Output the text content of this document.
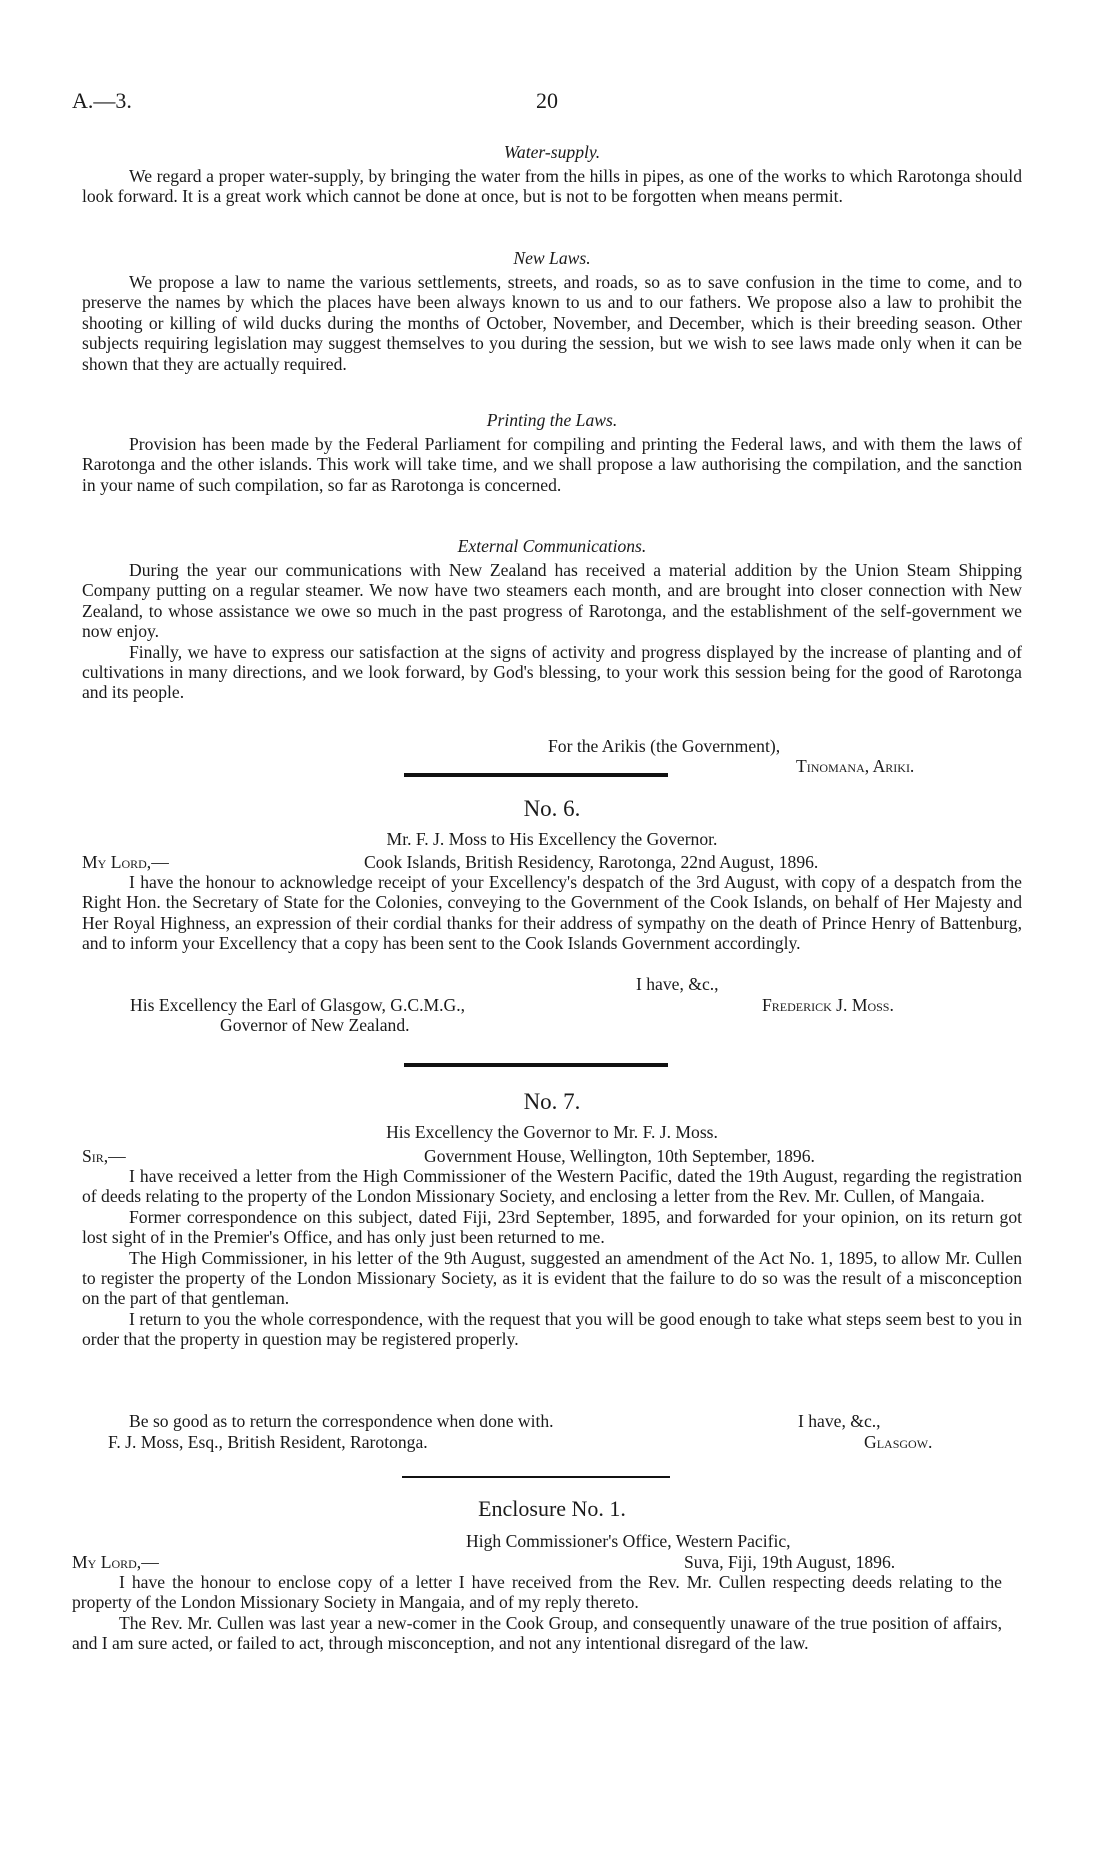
A.—3.	20
Water-supply.

We regard a proper water-supply, by bringing the water from the hills in pipes, as one of the works to which Rarotonga should look forward. It is a great work which cannot be done at once, but is not to be forgotten when means permit.

New Laws.

We propose a law to name the various settlements, streets, and roads, so as to save confusion in the time to come, and to preserve the names by which the places have been always known to us and to our fathers. We propose also a law to prohibit the shooting or killing of wild ducks during the months of October, November, and December, which is their breeding season. Other subjects requiring legislation may suggest themselves to you during the session, but we wish to see laws made only when it can be shown that they are actually required.

Printing the Laws.

Provision has been made by the Federal Parliament for compiling and printing the Federal laws, and with them the laws of Rarotonga and the other islands. This work will take time, and we shall propose a law authorising the compilation, and the sanction in your name of such compilation, so far as Rarotonga is concerned.

External Communications.

During the year our communications with New Zealand has received a material addition by the Union Steam Shipping Company putting on a regular steamer. We now have two steamers each month, and are brought into closer connection with New Zealand, to whose assistance we owe so much in the past progress of Rarotonga, and the establishment of the self-government we now enjoy.

Finally, we have to express our satisfaction at the signs of activity and progress displayed by the increase of planting and of cultivations in many directions, and we look forward, by God's blessing, to your work this session being for the good of Rarotonga and its people.

For the Arikis (the Government),
Tinomana, Ariki.
No. 6.
Mr. F. J. Moss to His Excellency the Governor.
My Lord,—	Cook Islands, British Residency, Rarotonga, 22nd August, 1896.

I have the honour to acknowledge receipt of your Excellency's despatch of the 3rd August, with copy of a despatch from the Right Hon. the Secretary of State for the Colonies, conveying to the Government of the Cook Islands, on behalf of Her Majesty and Her Royal Highness, an expression of their cordial thanks for their address of sympathy on the death of Prince Henry of Battenburg, and to inform your Excellency that a copy has been sent to the Cook Islands Government accordingly.

I have, &c.,
His Excellency the Earl of Glasgow, G.C.M.G.,	Frederick J. Moss.
Governor of New Zealand.
No. 7.
His Excellency the Governor to Mr. F. J. Moss.
Sir,—	Government House, Wellington, 10th September, 1896.

I have received a letter from the High Commissioner of the Western Pacific, dated the 19th August, regarding the registration of deeds relating to the property of the London Missionary Society, and enclosing a letter from the Rev. Mr. Cullen, of Mangaia.

Former correspondence on this subject, dated Fiji, 23rd September, 1895, and forwarded for your opinion, on its return got lost sight of in the Premier's Office, and has only just been returned to me.

The High Commissioner, in his letter of the 9th August, suggested an amendment of the Act No. 1, 1895, to allow Mr. Cullen to register the property of the London Missionary Society, as it is evident that the failure to do so was the result of a misconception on the part of that gentleman.

I return to you the whole correspondence, with the request that you will be good enough to take what steps seem best to you in order that the property in question may be registered properly.

Be so good as to return the correspondence when done with.	I have, &c.,
F. J. Moss, Esq., British Resident, Rarotonga.	Glasgow.
Enclosure No. 1.
High Commissioner's Office, Western Pacific,
My Lord,—	Suva, Fiji, 19th August, 1896.

I have the honour to enclose copy of a letter I have received from the Rev. Mr. Cullen respecting deeds relating to the property of the London Missionary Society in Mangaia, and of my reply thereto.

The Rev. Mr. Cullen was last year a new-comer in the Cook Group, and consequently unaware of the true position of affairs, and I am sure acted, or failed to act, through misconception, and not any intentional disregard of the law.
